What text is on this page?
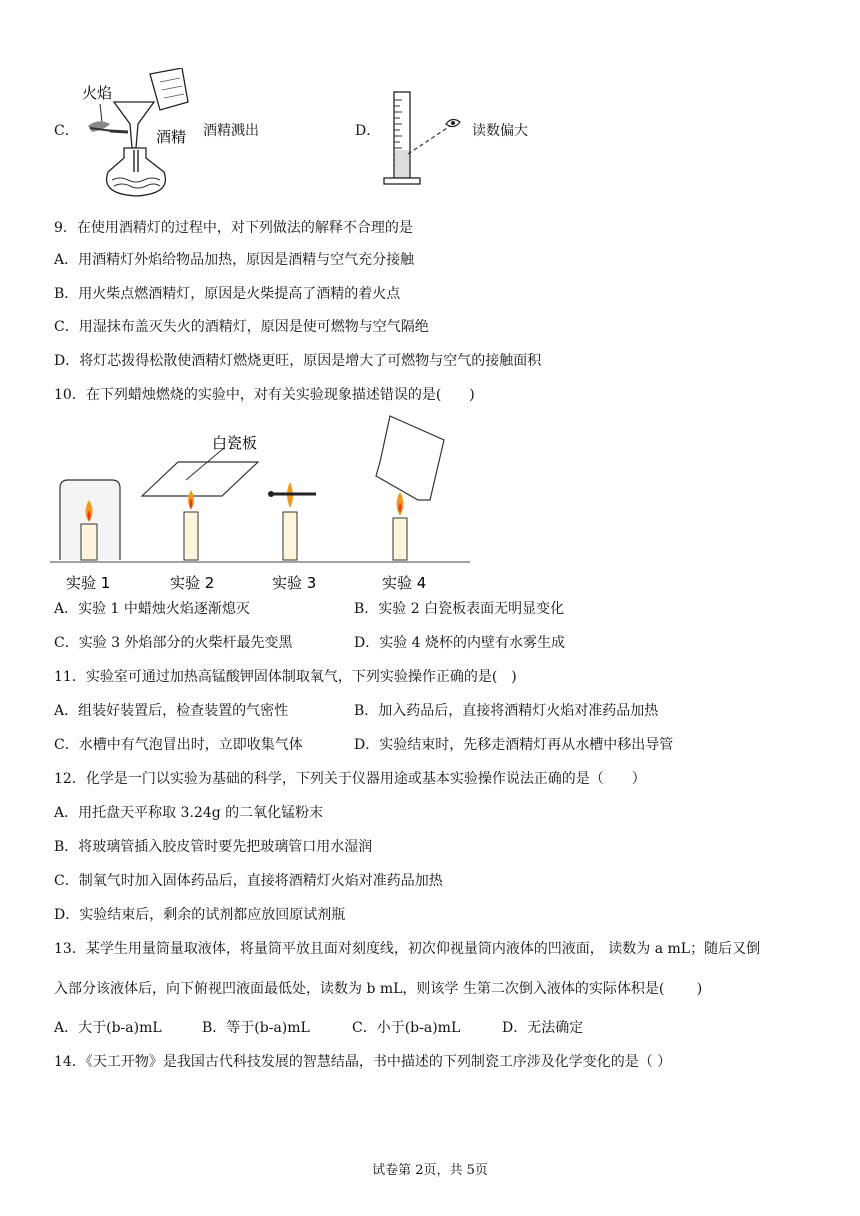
C．
火焰
酒精 酒精溅出	D．	读数偏大
9．在使用酒精灯的过程中，对下列做法的解释不合理的是
A．用酒精灯外焰给物品加热，原因是酒精与空气充分接触
B．用火柴点燃酒精灯，原因是火柴提高了酒精的着火点
C．用湿抹布盖灭失火的酒精灯，原因是使可燃物与空气隔绝
D．将灯芯拨得松散使酒精灯燃烧更旺，原因是增大了可燃物与空气的接触面积
10．在下列蜡烛燃烧的实验中，对有关实验现象描述错误的是(　　)
白瓷板
实验 1	实验 2	实验 3	实验 4
A．实验 1 中蜡烛火焰逐渐熄灭	B．实验 2 白瓷板表面无明显变化
C．实验 3 外焰部分的火柴杆最先变黑	D．实验 4 烧杯的内壁有水雾生成
11．实验室可通过加热高锰酸钾固体制取氧气，下列实验操作正确的是(　)
A．组装好装置后，检查装置的气密性	B．加入药品后，直接将酒精灯火焰对准药品加热
C．水槽中有气泡冒出时，立即收集气体	D．实验结束时，先移走酒精灯再从水槽中移出导管
12．化学是一门以实验为基础的科学，下列关于仪器用途或基本实验操作说法正确的是（　　）
A．用托盘天平称取 3.24g 的二氧化锰粉末
B．将玻璃管插入胶皮管时要先把玻璃管口用水湿润
C．制氧气时加入固体药品后，直接将酒精灯火焰对准药品加热
D．实验结束后，剩余的试剂都应放回原试剂瓶
13．某学生用量筒量取液体，将量筒平放且面对刻度线，初次仰视量筒内液体的凹液面， 读数为 a mL；随后又倒
入部分该液体后，向下俯视凹液面最低处，读数为 b mL，则该学 生第二次倒入液体的实际体积是(　　 )
A．大于(b-a)mL	B．等于(b-a)mL	C．小于(b-a)mL	D．无法确定
14．《天工开物》是我国古代科技发展的智慧结晶，书中描述的下列制瓷工序涉及化学变化的是（ ）
试卷第 2页，共 5页
